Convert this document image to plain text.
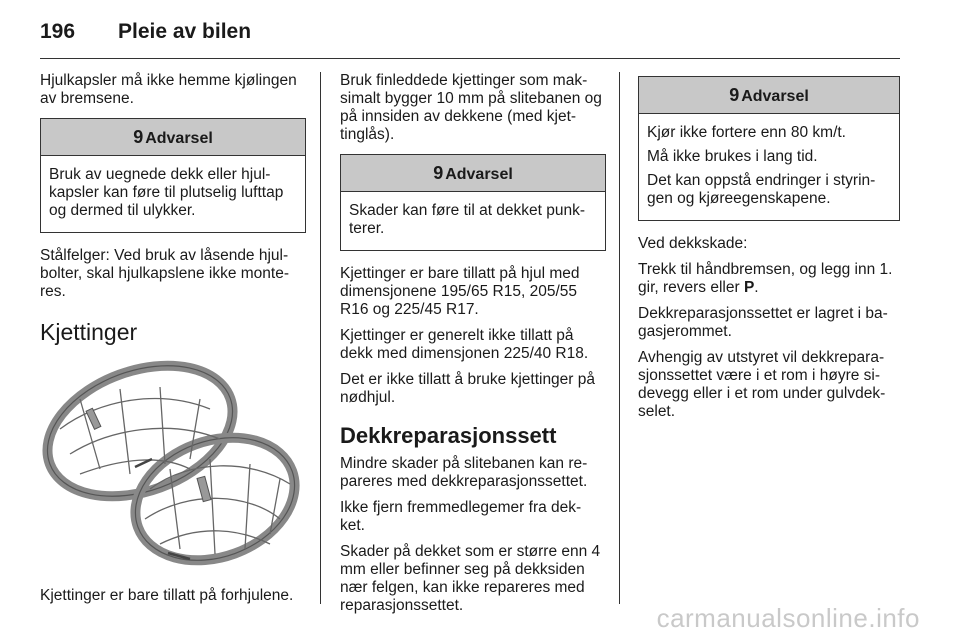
196 Pleie av bilen

Hjulkapsler må ikke hemme kjølingen av bremsene.

9 Advarsel

Bruk av uegnede dekk eller hjul-kapsler kan føre til plutselig lufttap og dermed til ulykker.

Stålfelger: Ved bruk av låsende hjul-bolter, skal hjulkapslene ikke monte-res.

Kjettinger

Kjettinger er bare tillatt på forhjulene.

Bruk finleddede kjettinger som mak-simalt bygger 10 mm på slitebanen og på innsiden av dekkene (med kjet-tinglås).

9 Advarsel

Skader kan føre til at dekket punk-terer.

Kjettinger er bare tillatt på hjul med dimensjonene 195/65 R15, 205/55 R16 og 225/45 R17.

Kjettinger er generelt ikke tillatt på dekk med dimensjonen 225/40 R18.

Det er ikke tillatt å bruke kjettinger på nødhjul.

Dekkreparasjonssett

Mindre skader på slitebanen kan re-pareres med dekkreparasjonssettet.

Ikke fjern fremmedlegemer fra dek-ket.

Skader på dekket som er større enn 4 mm eller befinner seg på dekksiden nær felgen, kan ikke repareres med reparasjonssettet.

9 Advarsel

Kjør ikke fortere enn 80 km/t.

Må ikke brukes i lang tid.

Det kan oppstå endringer i styrin-gen og kjøreegenskapene.

Ved dekkskade:

Trekk til håndbremsen, og legg inn 1. gir, revers eller P.

Dekkreparasjonssettet er lagret i ba-gasjerommet.

Avhengig av utstyret vil dekkrepara-sjonssettet være i et rom i høyre si-devegg eller i et rom under gulvdek-selet.

carmanualsonline.info
